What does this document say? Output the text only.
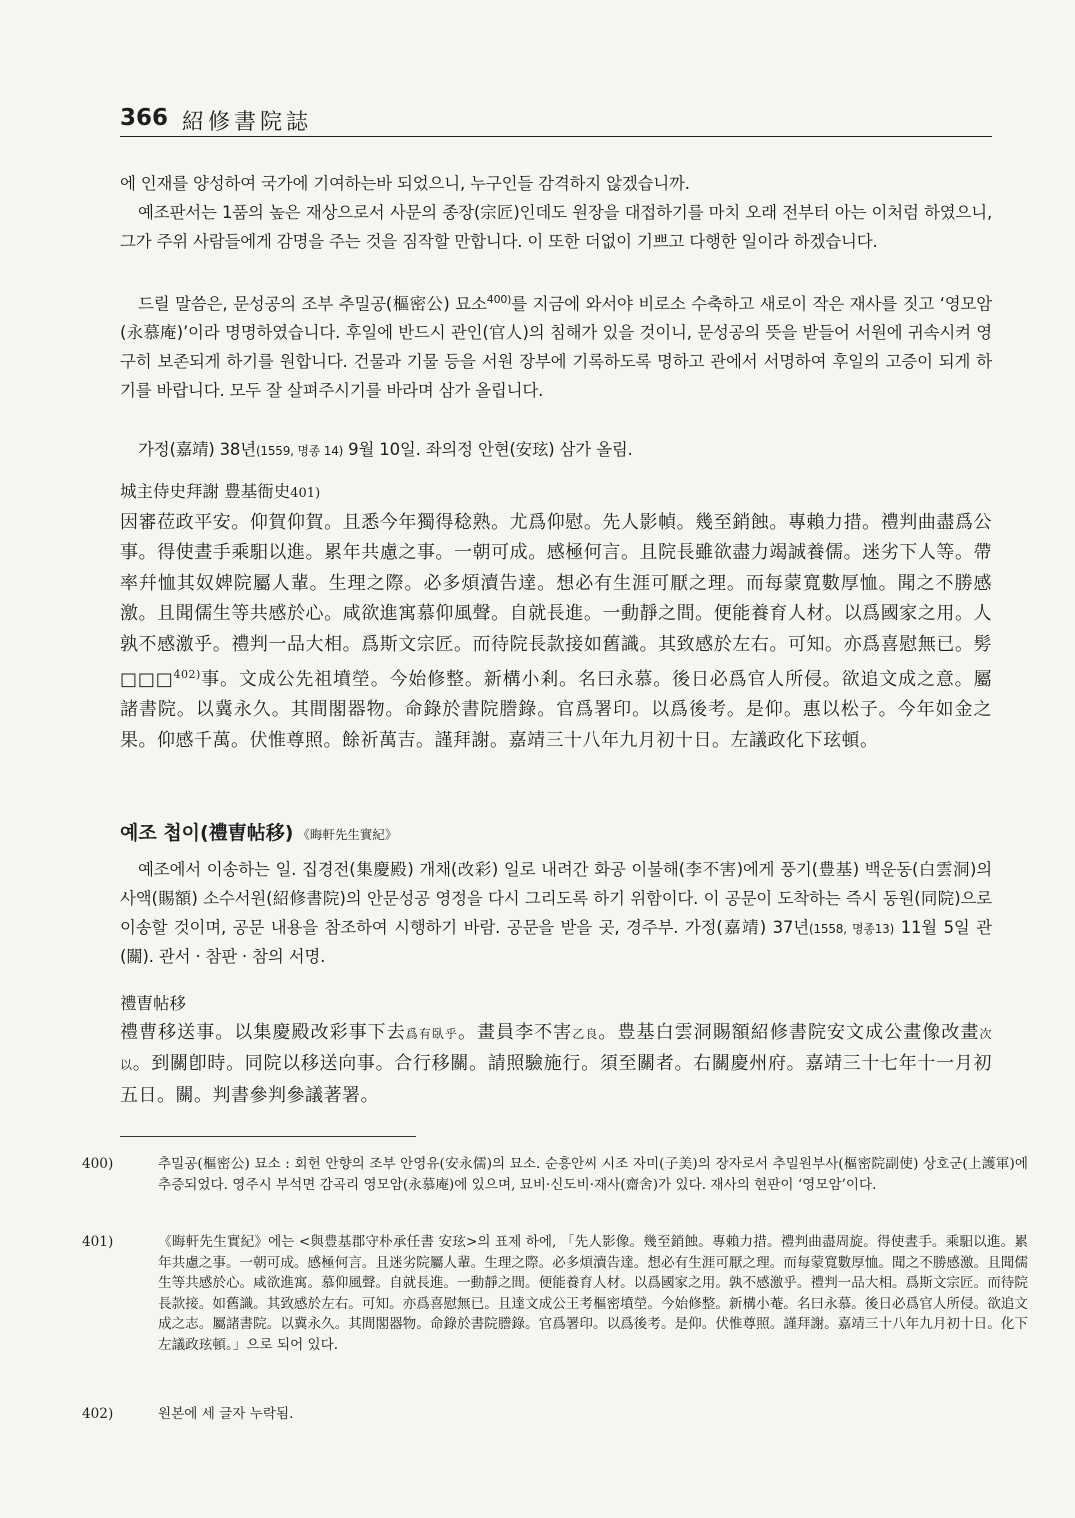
366 紹修書院誌
에 인재를 양성하여 국가에 기여하는바 되었으니, 누구인들 감격하지 않겠습니까.
예조판서는 1품의 높은 재상으로서 사문의 종장(宗匠)인데도 원장을 대접하기를 마치 오래 전부터 아는 이처럼 하였으니, 그가 주위 사람들에게 감명을 주는 것을 짐작할 만합니다. 이 또한 더없이 기쁘고 다행한 일이라 하겠습니다.
드릴 말씀은, 문성공의 조부 추밀공(樞密公) 묘소$^{400)}$를 지금에 와서야 비로소 수축하고 새로이 작은 재사를 짓고 ‘영모암(永慕庵)’이라 명명하였습니다. 후일에 반드시 관인(官人)의 침해가 있을 것이니, 문성공의 뜻을 받들어 서원에 귀속시켜 영구히 보존되게 하기를 원합니다. 건물과 기물 등을 서원 장부에 기록하도록 명하고 관에서 서명하여 후일의 고증이 되게 하기를 바랍니다. 모두 잘 살펴주시기를 바라며 삼가 올립니다.
가정(嘉靖) 38년(1559, 명종 14) 9월 10일. 좌의정 안현(安玹) 삼가 올림.
城主侍史拜謝 豊基衙史401)
因審莅政平安。仰賀仰賀。且悉今年獨得稔熟。尤爲仰慰。先人影幀。幾至銷蝕。專賴力措。禮判曲盡爲公事。得使晝手乘馹以進。累年共慮之事。一朝可成。感極何言。且院長雖欲盡力竭誠養儒。迷劣下人等。帶率幷恤其奴婢院屬人輩。生理之際。必多煩瀆告達。想必有生涯可厭之理。而每蒙寬數厚恤。聞之不勝感激。且聞儒生等共感於心。咸欲進寓慕仰風聲。自就長進。一動靜之間。便能養育人材。以爲國家之用。人孰不感激乎。禮判一品大相。爲斯文宗匠。而待院長款接如舊識。其致感於左右。可知。亦爲喜慰無已。髣□□□$^{402)}$事。文成公先祖墳塋。今始修整。新構小剎。名曰永慕。後日必爲官人所侵。欲追文成之意。屬諸書院。以冀永久。其間閣器物。命錄於書院謄錄。官爲署印。以爲後考。是仰。惠以松子。今年如金之果。仰感千萬。伏惟尊照。餘祈萬吉。謹拜謝。嘉靖三十八年九月初十日。左議政化下玹頓。
예조 첩이(禮曺帖移) 《晦軒先生實紀》
예조에서 이송하는 일. 집경전(集慶殿) 개채(改彩) 일로 내려간 화공 이불해(李不害)에게 풍기(豊基) 백운동(白雲洞)의 사액(賜額) 소수서원(紹修書院)의 안문성공 영정을 다시 그리도록 하기 위함이다. 이 공문이 도착하는 즉시 동원(同院)으로 이송할 것이며, 공문 내용을 참조하여 시행하기 바람. 공문을 받을 곳, 경주부. 가정(嘉靖) 37년(1558, 명종13) 11월 5일 관(關). 관서 · 참판 · 참의 서명.
禮曺帖移
禮曹移送事。以集慶殿改彩事下去爲有臥乎。畫員李不害乙良。豊基白雲洞賜額紹修書院安文成公畫像改畫次以。到關卽時。同院以移送向事。合行移關。請照驗施行。須至關者。右關慶州府。嘉靖三十七年十一月初五日。關。判書參判參議著署。
400)	추밀공(樞密公) 묘소 : 회헌 안향의 조부 안영유(安永儒)의 묘소. 순흥안씨 시조 자미(子美)의 장자로서 추밀원부사(樞密院副使) 상호군(上護軍)에 추증되었다. 영주시 부석면 감곡리 영모암(永慕庵)에 있으며, 묘비·신도비·재사(齋舍)가 있다. 재사의 현판이 ‘영모암’이다.
401)	《晦軒先生實紀》에는 <與豊基郡守朴承任書 安玹>의 표제 하에, 「先人影像。幾至銷蝕。專賴力措。禮判曲盡周旋。得使晝手。乘馹以進。累年共慮之事。一朝可成。感極何言。且迷劣院屬人輩。生理之際。必多煩瀆告達。想必有生涯可厭之理。而每蒙寬數厚恤。聞之不勝感激。且聞儒生等共感於心。咸欲進寓。慕仰風聲。自就長進。一動靜之間。便能養育人材。以爲國家之用。孰不感激乎。禮判一品大相。爲斯文宗匠。而待院長款接。如舊識。其致感於左右。可知。亦爲喜慰無已。且達文成公王考樞密墳塋。今始修整。新構小菴。名曰永慕。後日必爲官人所侵。欲追文成之志。屬諸書院。以冀永久。其間閣器物。命錄於書院謄錄。官爲署印。以爲後考。是仰。伏惟尊照。謹拜謝。嘉靖三十八年九月初十日。化下左議政玹頓。」으로 되어 있다.
402)	원본에 세 글자 누락됨.
